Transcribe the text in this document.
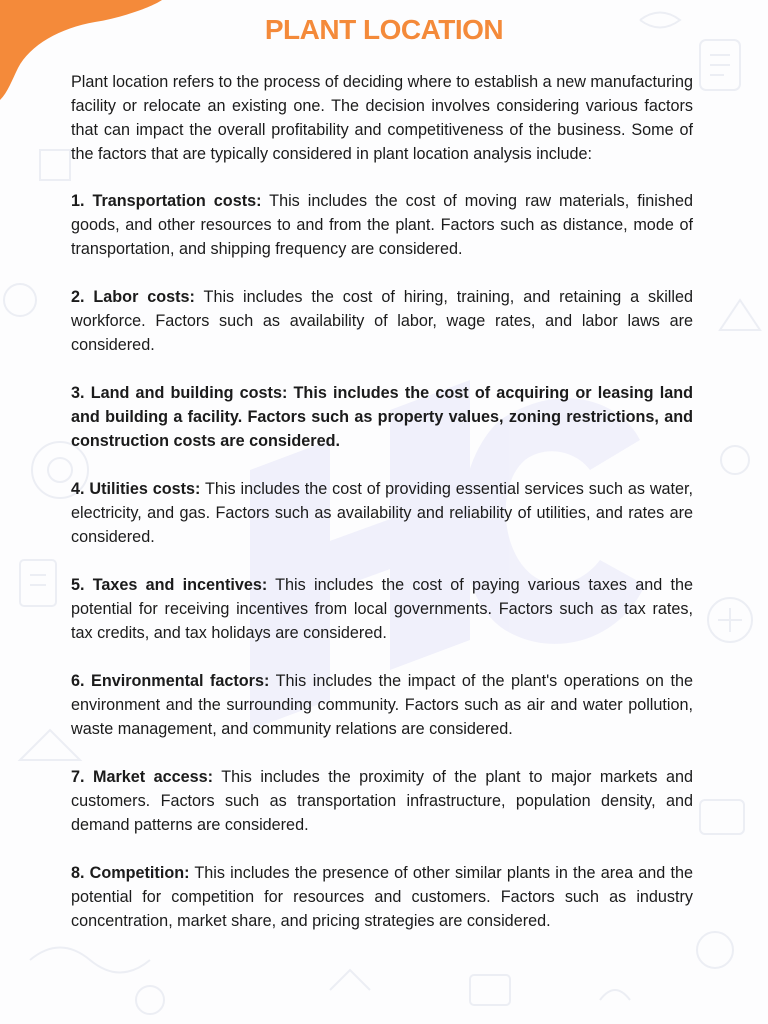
PLANT LOCATION

Plant location refers to the process of deciding where to establish a new manufacturing facility or relocate an existing one. The decision involves considering various factors that can impact the overall profitability and competitiveness of the business. Some of the factors that are typically considered in plant location analysis include:

1. Transportation costs: This includes the cost of moving raw materials, finished goods, and other resources to and from the plant. Factors such as distance, mode of transportation, and shipping frequency are considered.

2. Labor costs: This includes the cost of hiring, training, and retaining a skilled workforce. Factors such as availability of labor, wage rates, and labor laws are considered.

3. Land and building costs: This includes the cost of acquiring or leasing land and building a facility. Factors such as property values, zoning restrictions, and construction costs are considered.

4. Utilities costs: This includes the cost of providing essential services such as water, electricity, and gas. Factors such as availability and reliability of utilities, and rates are considered.

5. Taxes and incentives: This includes the cost of paying various taxes and the potential for receiving incentives from local governments. Factors such as tax rates, tax credits, and tax holidays are considered.

6. Environmental factors: This includes the impact of the plant's operations on the environment and the surrounding community. Factors such as air and water pollution, waste management, and community relations are considered.

7. Market access: This includes the proximity of the plant to major markets and customers. Factors such as transportation infrastructure, population density, and demand patterns are considered.

8. Competition: This includes the presence of other similar plants in the area and the potential for competition for resources and customers. Factors such as industry concentration, market share, and pricing strategies are considered.
